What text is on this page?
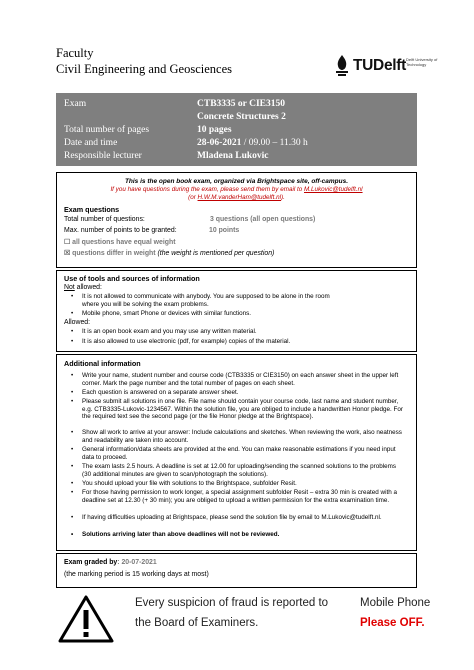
Faculty
Civil Engineering and Geosciences	TUDelft Delft University of Technology
Exam	CTB3335 or CIE3150
Concrete Structures 2
Total number of pages	10 pages
Date and time	28-06-2021 / 09.00 – 11.30 h
Responsible lecturer	Mladena Lukovic
This is the open book exam, organized via Brightspace site, off-campus.
If you have questions during the exam, please send them by email to M.Lukovic@tudelft.nl
(or H.W.M.vanderHam@tudelft.nl).
Exam questions
Total number of questions:	3 questions (all open questions)
Max. number of points to be granted:	10 points
☐ all questions have equal weight
☒ questions differ in weight (the weight is mentioned per question)
Use of tools and sources of information
Not allowed:
• It is not allowed to communicate with anybody. You are supposed to be alone in the room
where you will be solving the exam problems.
• Mobile phone, smart Phone or devices with similar functions.
Allowed:
• It is an open book exam and you may use any written material.
• It is also allowed to use electronic (pdf, for example) copies of the material.
Additional information
• Write your name, student number and course code (CTB3335 or CIE3150) on each answer sheet in the upper left corner. Mark the page number and the total number of pages on each sheet.
• Each question is answered on a separate answer sheet.
• Please submit all solutions in one file. File name should contain your course code, last name and student number, e.g. CTB3335-Lukovic-1234567. Within the solution file, you are obliged to include a handwritten Honor pledge. For the required text see the second page (or the file Honor pledge at the Brightspace).
• Show all work to arrive at your answer: Include calculations and sketches. When reviewing the work, also neatness and readability are taken into account.
• General information/data sheets are provided at the end. You can make reasonable estimations if you need input data to proceed.
• The exam lasts 2.5 hours. A deadline is set at 12.00 for uploading/sending the scanned solutions to the problems (30 additional minutes are given to scan/photograph the solutions).
• You should upload your file with solutions to the Brightspace, subfolder Resit.
• For those having permission to work longer, a special assignment subfolder Resit – extra 30 min is created with a deadline set at 12.30 (+ 30 min); you are obliged to upload a written permission for the extra examination time.
• If having difficulties uploading at Brightspace, please send the solution file by email to M.Lukovic@tudelft.nl.
• Solutions arriving later than above deadlines will not be reviewed.
Exam graded by: 20-07-2021
(the marking period is 15 working days at most)
Every suspicion of fraud is reported to
the Board of Examiners.
Mobile Phone
Please OFF.
